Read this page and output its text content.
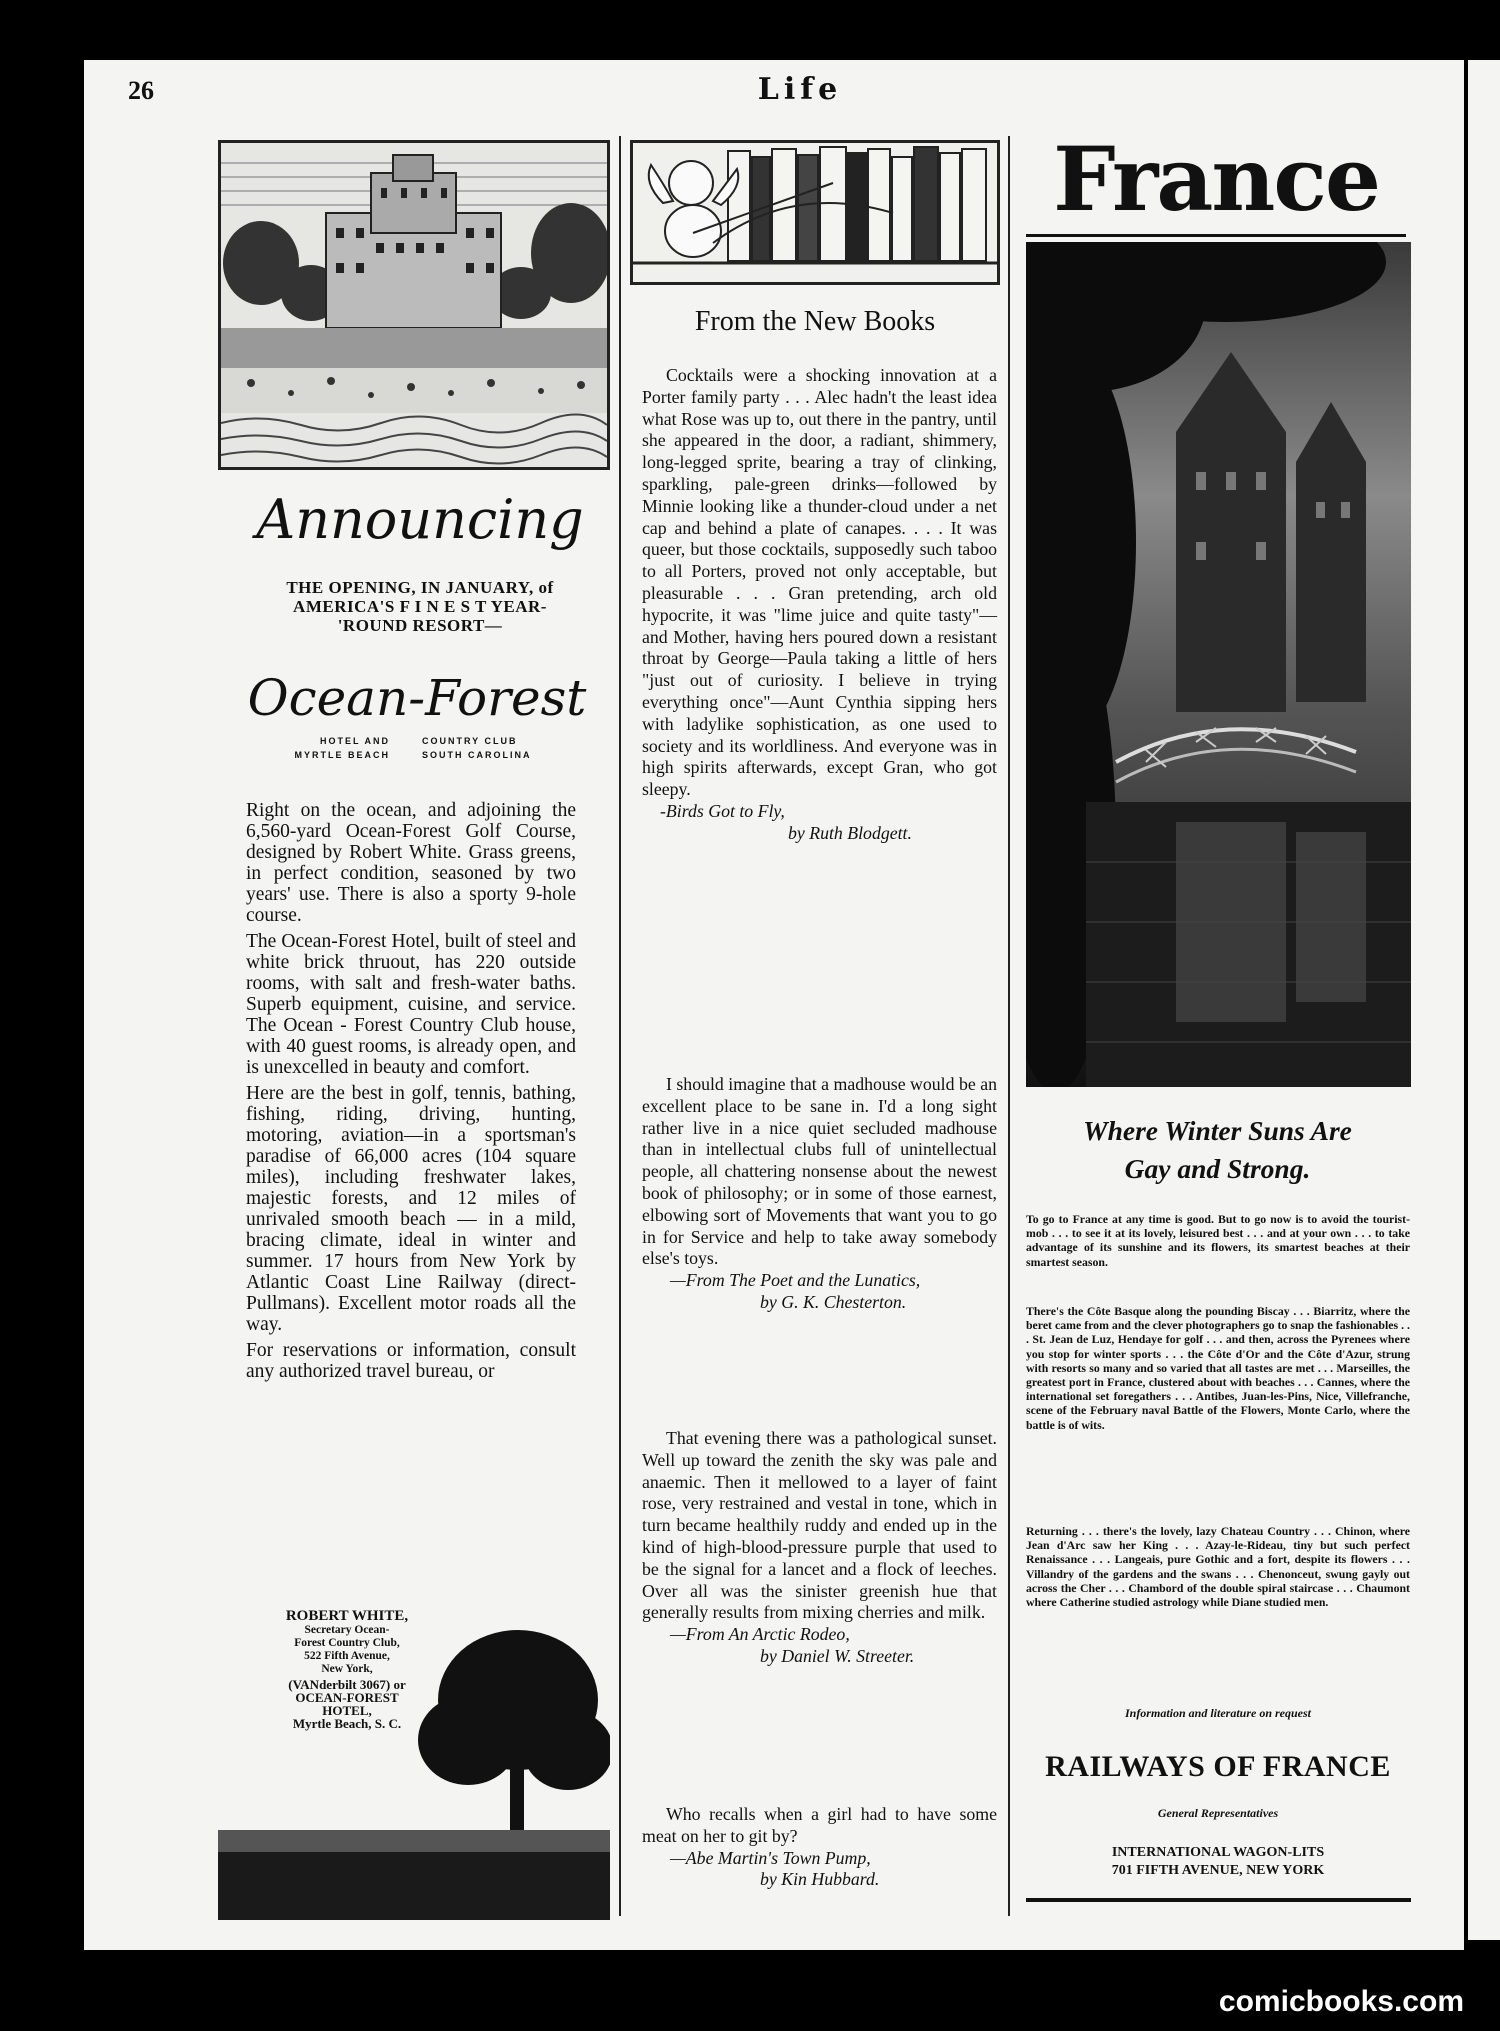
26	Life
Announcing
THE OPENING, IN JANUARY, of
AMERICA'S F I N E S T YEAR-
'ROUND RESORT—
Ocean-Forest
HOTEL AND
MYRTLE BEACH
COUNTRY CLUB
SOUTH CAROLINA

Right on the ocean, and adjoining the 6,560-yard Ocean-Forest Golf Course, designed by Robert White. Grass greens, in perfect condition, seasoned by two years' use. There is also a sporty 9-hole course.

The Ocean-Forest Hotel, built of steel and white brick thruout, has 220 outside rooms, with salt and fresh-water baths. Superb equipment, cuisine, and service. The Ocean - Forest Country Club house, with 40 guest rooms, is already open, and is unexcelled in beauty and comfort.

Here are the best in golf, tennis, bathing, fishing, riding, driving, hunting, motoring, aviation—in a sportsman's paradise of 66,000 acres (104 square miles), including freshwater lakes, majestic forests, and 12 miles of unrivaled smooth beach — in a mild, bracing climate, ideal in winter and summer. 17 hours from New York by Atlantic Coast Line Railway (direct-Pullmans). Excellent motor roads all the way.

For reservations or information, consult any authorized travel bureau, or

ROBERT WHITE,
Secretary Ocean-
Forest Country Club,
522 Fifth Avenue,
New York,
(VANderbilt 3067) or
OCEAN-FOREST
HOTEL,
Myrtle Beach, S. C.
From the New Books

Cocktails were a shocking innovation at a Porter family party . . . Alec hadn't the least idea what Rose was up to, out there in the pantry, until she appeared in the door, a radiant, shimmery, long-legged sprite, bearing a tray of clinking, sparkling, pale-green drinks—followed by Minnie looking like a thunder-cloud under a net cap and behind a plate of canapes. . . . It was queer, but those cocktails, supposedly such taboo to all Porters, proved not only acceptable, but pleasurable . . . Gran pretending, arch old hypocrite, it was "lime juice and quite tasty"—and Mother, having hers poured down a resistant throat by George—Paula taking a little of hers "just out of curiosity. I believe in trying everything once"—Aunt Cynthia sipping hers with ladylike sophistication, as one used to society and its worldliness. And everyone was in high spirits afterwards, except Gran, who got sleepy.

-Birds Got to Fly,
by Ruth Blodgett.

I should imagine that a madhouse would be an excellent place to be sane in. I'd a long sight rather live in a nice quiet secluded madhouse than in intellectual clubs full of unintellectual people, all chattering nonsense about the newest book of philosophy; or in some of those earnest, elbowing sort of Movements that want you to go in for Service and help to take away somebody else's toys.

—From The Poet and the Lunatics,
by G. K. Chesterton.

That evening there was a pathological sunset. Well up toward the zenith the sky was pale and anaemic. Then it mellowed to a layer of faint rose, very restrained and vestal in tone, which in turn became healthily ruddy and ended up in the kind of high-blood-pressure purple that used to be the signal for a lancet and a flock of leeches. Over all was the sinister greenish hue that generally results from mixing cherries and milk.

—From An Arctic Rodeo,
by Daniel W. Streeter.

Who recalls when a girl had to have some meat on her to git by?

—Abe Martin's Town Pump,
by Kin Hubbard.
France
Where Winter Suns Are
Gay and Strong.
To go to France at any time is good. But to go now is to avoid the tourist-mob . . . to see it at its lovely, leisured best . . . and at your own . . . to take advantage of its sunshine and its flowers, its smartest beaches at their smartest season.
There's the Côte Basque along the pounding Biscay . . . Biarritz, where the beret came from and the clever photographers go to snap the fashionables . . . St. Jean de Luz, Hendaye for golf . . . and then, across the Pyrenees where you stop for winter sports . . . the Côte d'Or and the Côte d'Azur, strung with resorts so many and so varied that all tastes are met . . . Marseilles, the greatest port in France, clustered about with beaches . . . Cannes, where the international set foregathers . . . Antibes, Juan-les-Pins, Nice, Villefranche, scene of the February naval Battle of the Flowers, Monte Carlo, where the battle is of wits.
Returning . . . there's the lovely, lazy Chateau Country . . . Chinon, where Jean d'Arc saw her King . . . Azay-le-Rideau, tiny but such perfect Renaissance . . . Langeais, pure Gothic and a fort, despite its flowers . . . Villandry of the gardens and the swans . . . Chenonceut, swung gayly out across the Cher . . . Chambord of the double spiral staircase . . . Chaumont where Catherine studied astrology while Diane studied men.
Information and literature on request
RAILWAYS OF FRANCE
General Representatives
INTERNATIONAL WAGON-LITS
701 FIFTH AVENUE, NEW YORK
comicbooks.com
